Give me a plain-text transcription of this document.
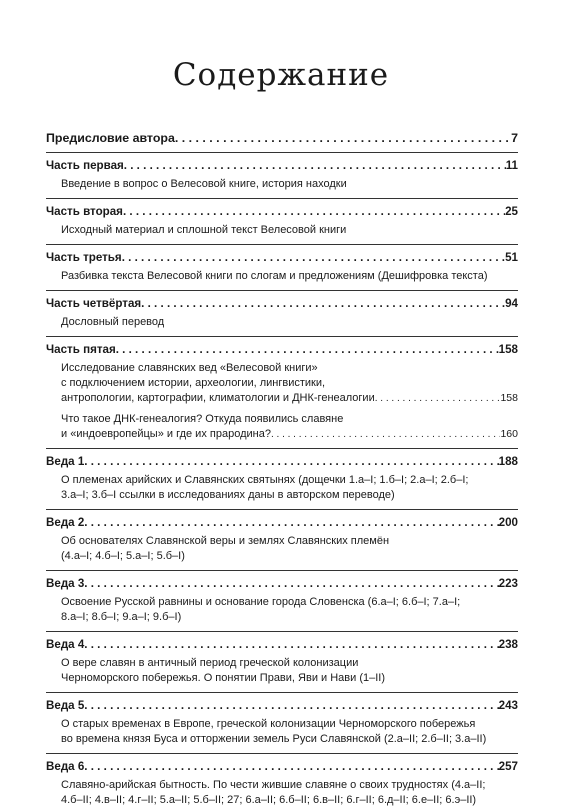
Содержание
Предисловие автора . . .	7
Часть первая . . .	11
Введение в вопрос о Велесовой книге, история находки
Часть вторая . . .	25
Исходный материал и сплошной текст Велесовой книги
Часть третья . . .	51
Разбивка текста Велесовой книги по слогам и предложениям (Дешифровка текста)
Часть четвёртая . . .	94
Дословный перевод
Часть пятая . . .	158
Исследование славянских вед «Велесовой книги»
с подключением истории, археологии, лингвистики,
антропологии, картографии, климатологии и ДНК-генеалогии . . .	158
Что такое ДНК-генеалогия? Откуда появились славяне
и «индоевропейцы» и где их прародина? . . .	160
Веда 1 . . .	188
О племенах арийских и Славянских святынях (дощечки 1.а–I; 1.б–I; 2.а–I; 2.б–I;
3.а–I; 3.б–I ссылки в исследованиях даны в авторском переводе)
Веда 2 . . .	200
Об основателях Славянской веры и землях Славянских племён
(4.а–I; 4.б–I; 5.а–I; 5.б–I)
Веда 3 . . .	223
Освоение Русской равнины и основание города Словенска (6.а–I; 6.б–I; 7.а–I;
8.а–I; 8.б–I; 9.а–I; 9.б–I)
Веда 4 . . .	238
О вере славян в античный период греческой колонизации
Черноморского побережья. О понятии Прави, Яви и Нави (1–II)
Веда 5 . . .	243
О старых временах в Европе, греческой колонизации Черноморского побережья
во времена князя Буса и отторжении земель Руси Славянской (2.а–II; 2.б–II; 3.а–II)
Веда 6 . . .	257
Славяно-арийская бытность. По чести жившие славяне о своих трудностях (4.а–II;
4.б–II; 4.в–II; 4.г–II; 5.а–II; 5.б–II; 27; 6.а–II; 6.б–II; 6.в–II; 6.г–II; 6.д–II; 6.е–II; 6.э–II)
